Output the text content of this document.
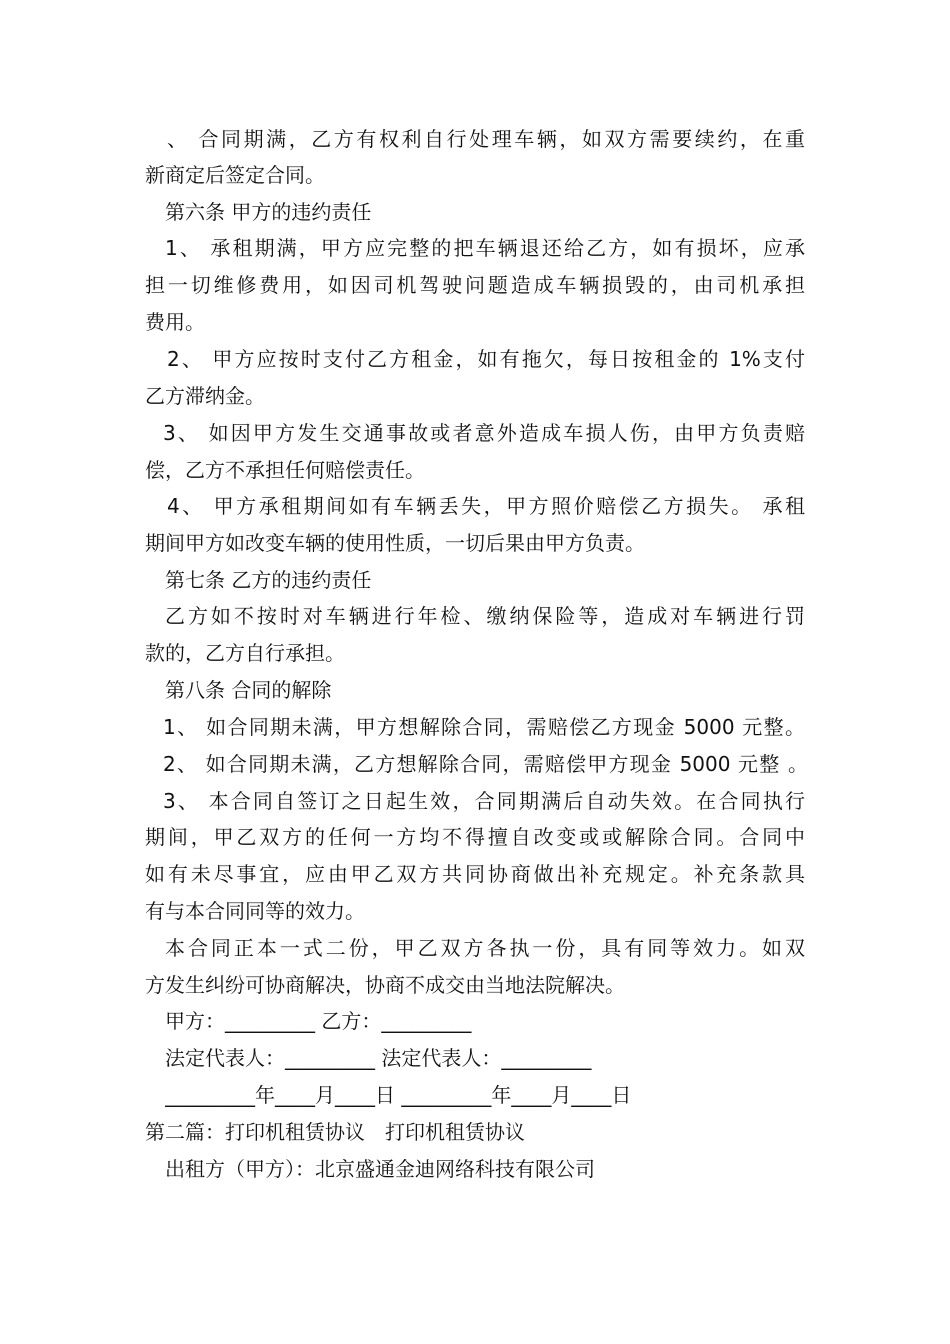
、 合同期满，乙方有权利自行处理车辆，如双方需要续约，在重
新商定后签定合同。
第六条 甲方的违约责任
1、 承租期满，甲方应完整的把车辆退还给乙方，如有损坏，应承
担一切维修费用，如因司机驾驶问题造成车辆损毁的，由司机承担
费用。
2、 甲方应按时支付乙方租金，如有拖欠，每日按租金的 1%支付
乙方滞纳金。
3、 如因甲方发生交通事故或者意外造成车损人伤，由甲方负责赔
偿，乙方不承担任何赔偿责任。
4、 甲方承租期间如有车辆丢失，甲方照价赔偿乙方损失。 承租
期间甲方如改变车辆的使用性质，一切后果由甲方负责。
第七条 乙方的违约责任
乙方如不按时对车辆进行年检、缴纳保险等，造成对车辆进行罚
款的，乙方自行承担。
第八条 合同的解除
1、 如合同期未满，甲方想解除合同，需赔偿乙方现金 5000 元整。
2、 如合同期未满，乙方想解除合同，需赔偿甲方现金 5000 元整 。
3、 本合同自签订之日起生效，合同期满后自动失效。在合同执行
期间，甲乙双方的任何一方均不得擅自改变或或解除合同。合同中
如有未尽事宜，应由甲乙双方共同协商做出补充规定。补充条款具
有与本合同同等的效力。
本合同正本一式二份，甲乙双方各执一份，具有同等效力。如双
方发生纠纷可协商解决，协商不成交由当地法院解决。
甲方：_________ 乙方：_________
法定代表人：_________ 法定代表人：_________
_________年____月____日 _________年____月____日
第二篇：打印机租赁协议　打印机租赁协议
出租方（甲方）：北京盛通金迪网络科技有限公司
